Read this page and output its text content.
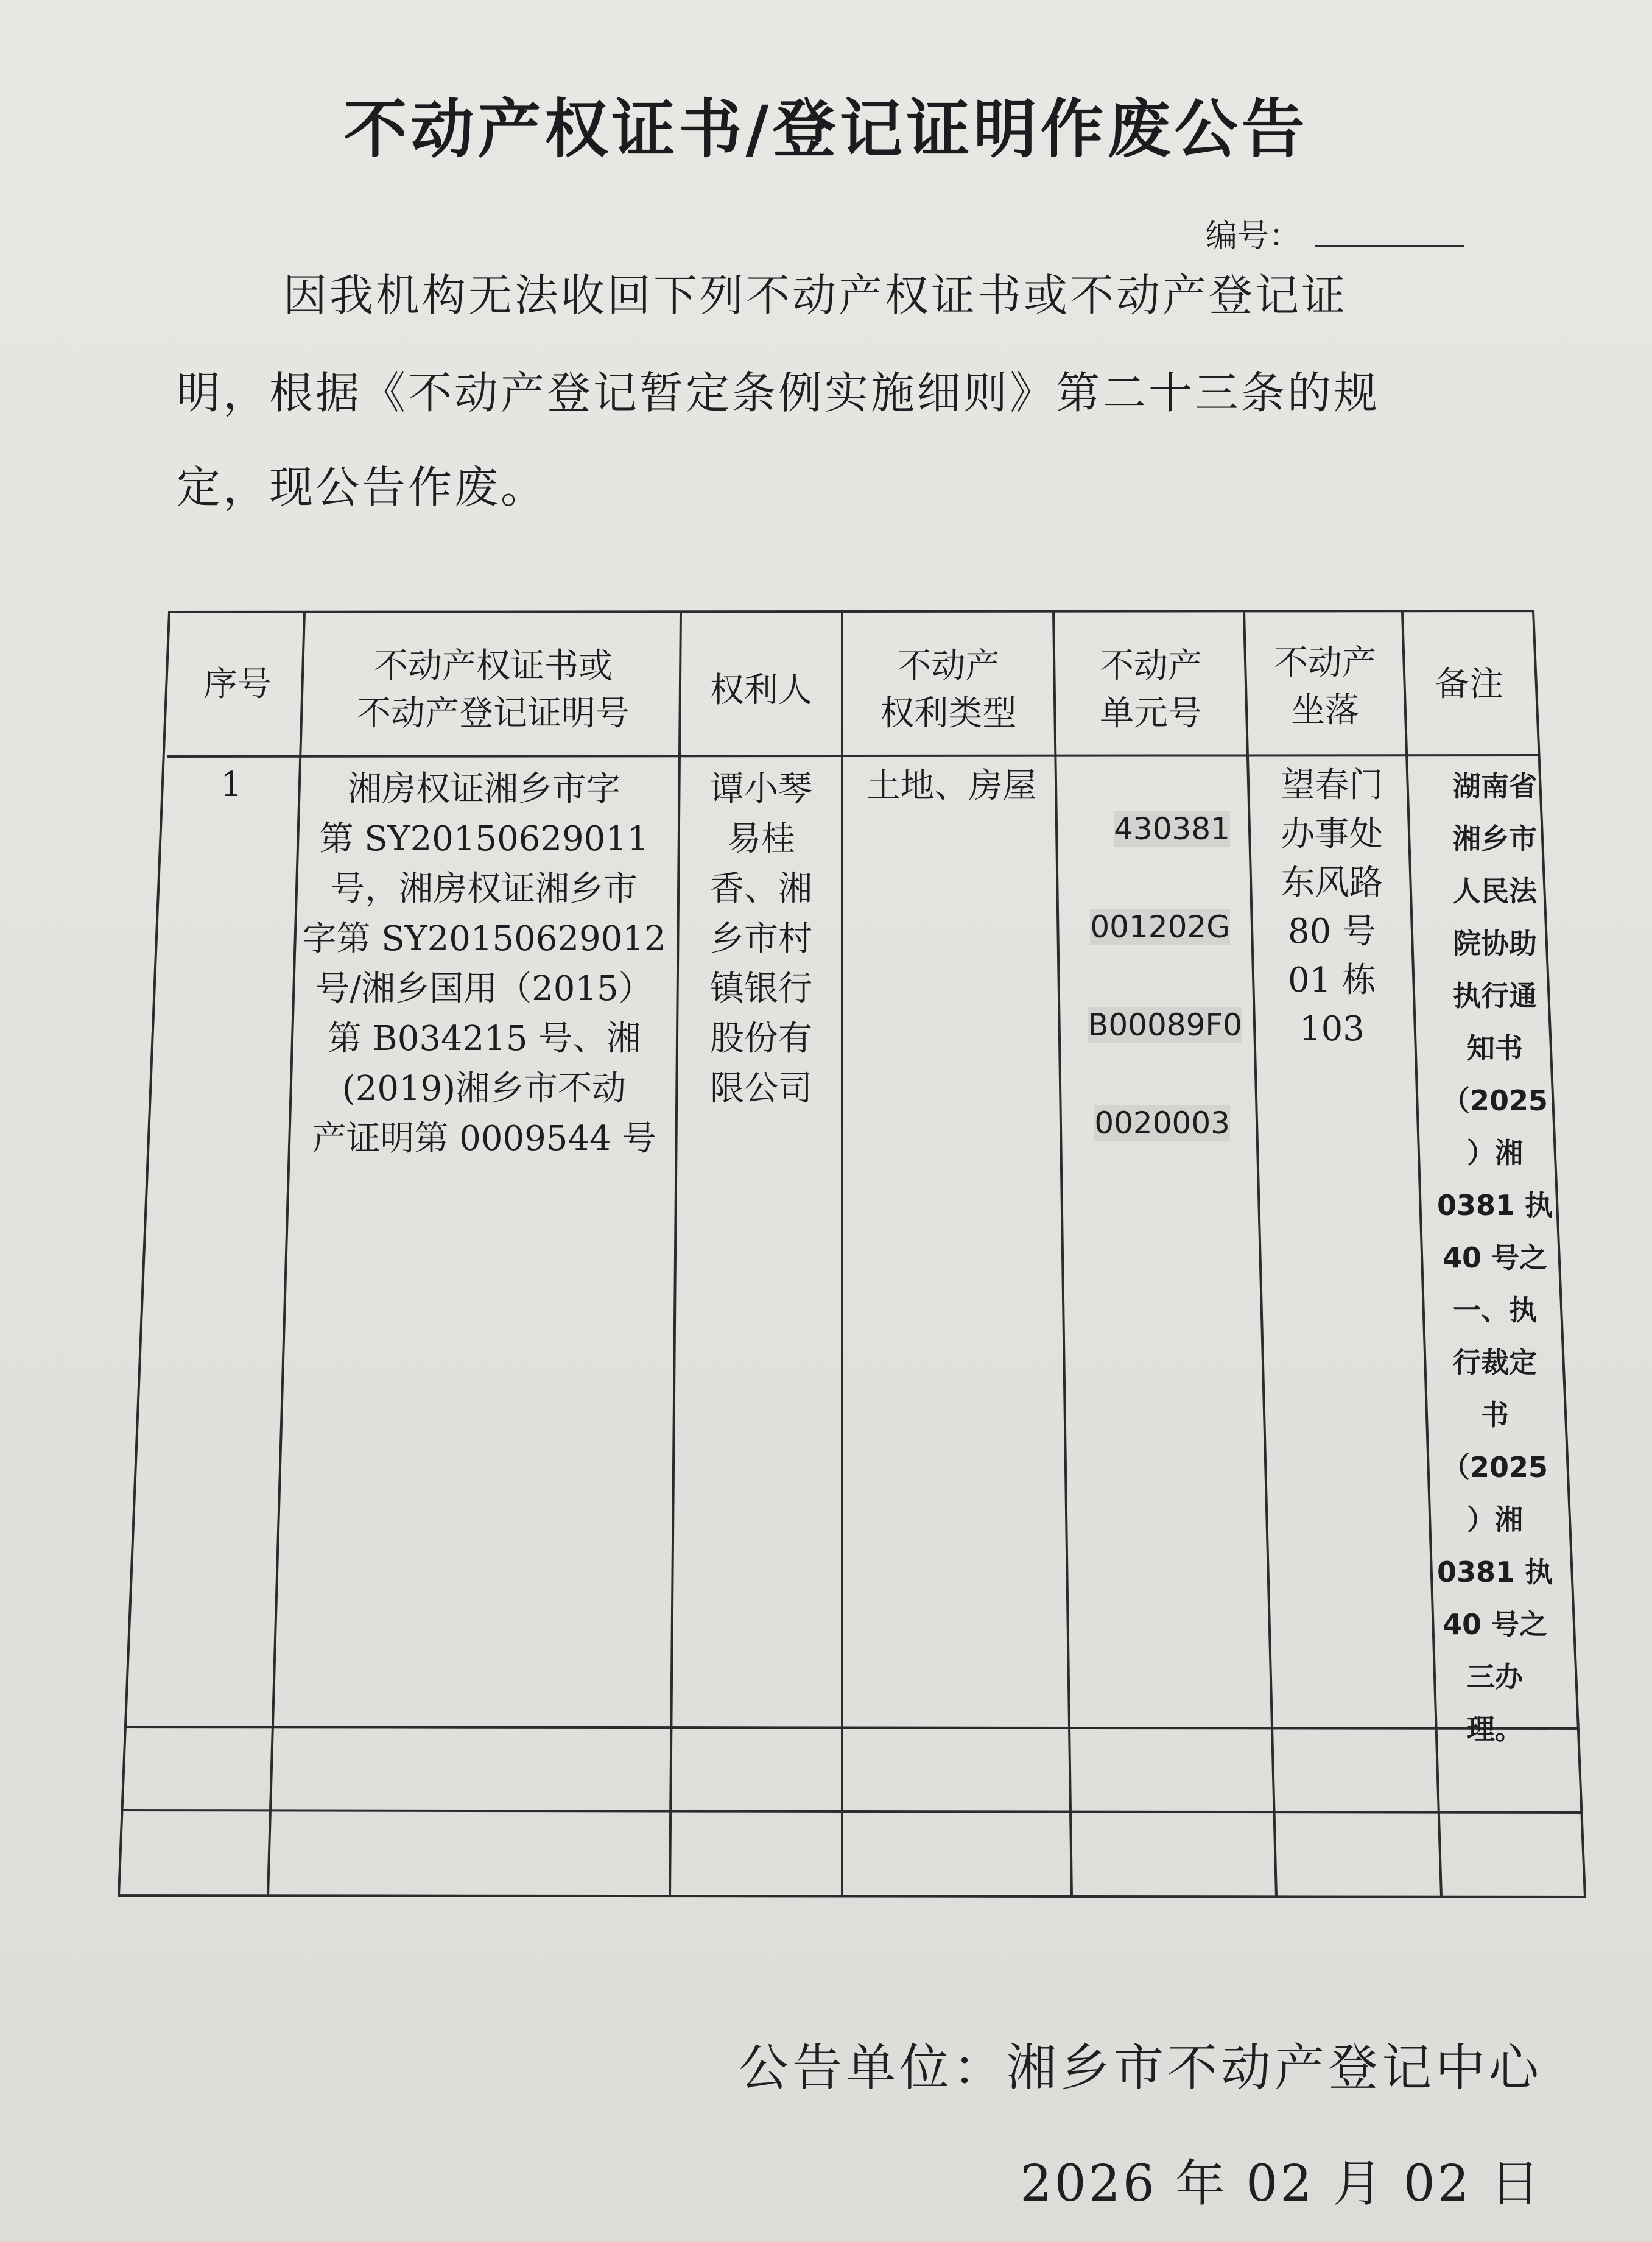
不动产权证书/登记证明作废公告
编号：
因我机构无法收回下列不动产权证书或不动产登记证
明，根据《不动产登记暂定条例实施细则》第二十三条的规
定，现公告作废。
序号	不动产权证书或
不动产登记证明号
权利人
不动产
权利类型
不动产
单元号
不动产
坐落
备注
1	湘房权证湘乡市字
第 SY20150629011
号，湘房权证湘乡市
字第 SY20150629012
号/湘乡国用（2015）
第 B034215 号、湘
(2019)湘乡市不动
产证明第 0009544 号
谭小琴
易桂
香、湘
乡市村
镇银行
股份有
限公司
土地、房屋
430381
001202G
B00089F0
0020003
望春门
办事处
东风路
80 号
01 栋
103
湖南省
湘乡市
人民法
院协助
执行通
知书
（2025
）湘
0381 执
40 号之
一、执
行裁定
书
（2025
）湘
0381 执
40 号之
三办
理。
公告单位：湘乡市不动产登记中心
2026 年 02 月 02 日
